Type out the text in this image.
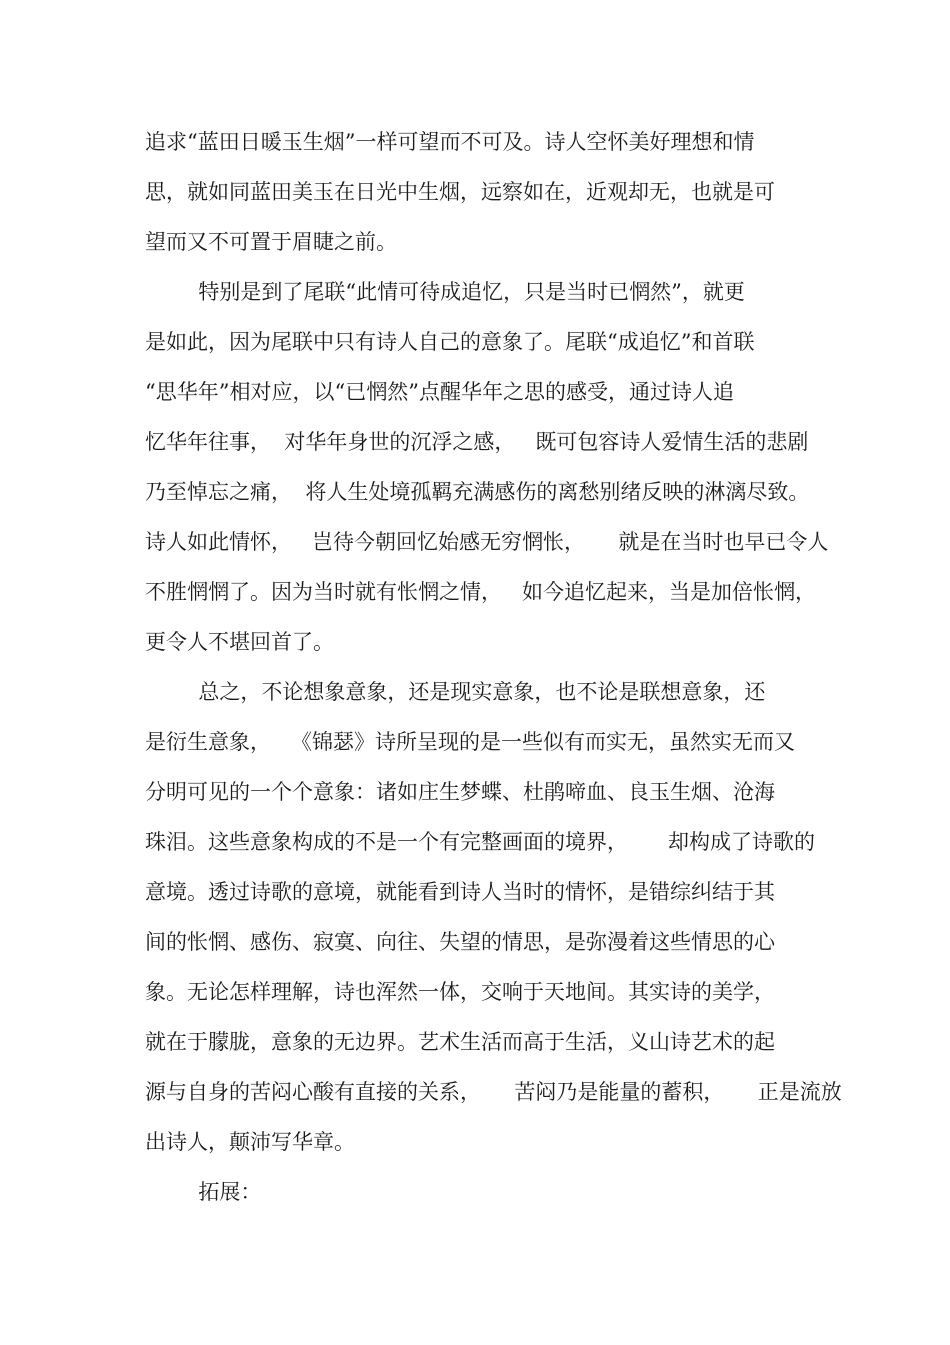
追求“蓝田日暖玉生烟”一样可望而不可及。诗人空怀美好理想和情
思，就如同蓝田美玉在日光中生烟，远察如在，近观却无，也就是可
望而又不可置于眉睫之前。
特别是到了尾联“此情可待成追忆，只是当时已惘然”，就更
是如此，因为尾联中只有诗人自己的意象了。尾联“成追忆”和首联
“思华年”相对应，以“已惘然”点醒华年之思的感受，通过诗人追
忆华年往事，  对华年身世的沉浮之感，   既可包容诗人爱情生活的悲剧
乃至悼忘之痛，  将人生处境孤羁充满感伤的离愁别绪反映的淋漓尽致。
诗人如此情怀，   岂待今朝回忆始感无穷惘怅，     就是在当时也早已令人
不胜惘惘了。因为当时就有怅惘之情，   如今追忆起来，当是加倍怅惘，
更令人不堪回首了。
总之，不论想象意象，还是现实意象，也不论是联想意象，还
是衍生意象，   《锦瑟》诗所呈现的是一些似有而实无，虽然实无而又
分明可见的一个个意象：诸如庄生梦蝶、杜鹃啼血、良玉生烟、沧海
珠泪。这些意象构成的不是一个有完整画面的境界，      却构成了诗歌的
意境。透过诗歌的意境，就能看到诗人当时的情怀，是错综纠结于其
间的怅惘、感伤、寂寞、向往、失望的情思，是弥漫着这些情思的心
象。无论怎样理解，诗也浑然一体，交响于天地间。其实诗的美学，
就在于朦胧，意象的无边界。艺术生活而高于生活，义山诗艺术的起
源与自身的苦闷心酸有直接的关系，     苦闷乃是能量的蓄积，     正是流放
出诗人，颠沛写华章。
拓展：
